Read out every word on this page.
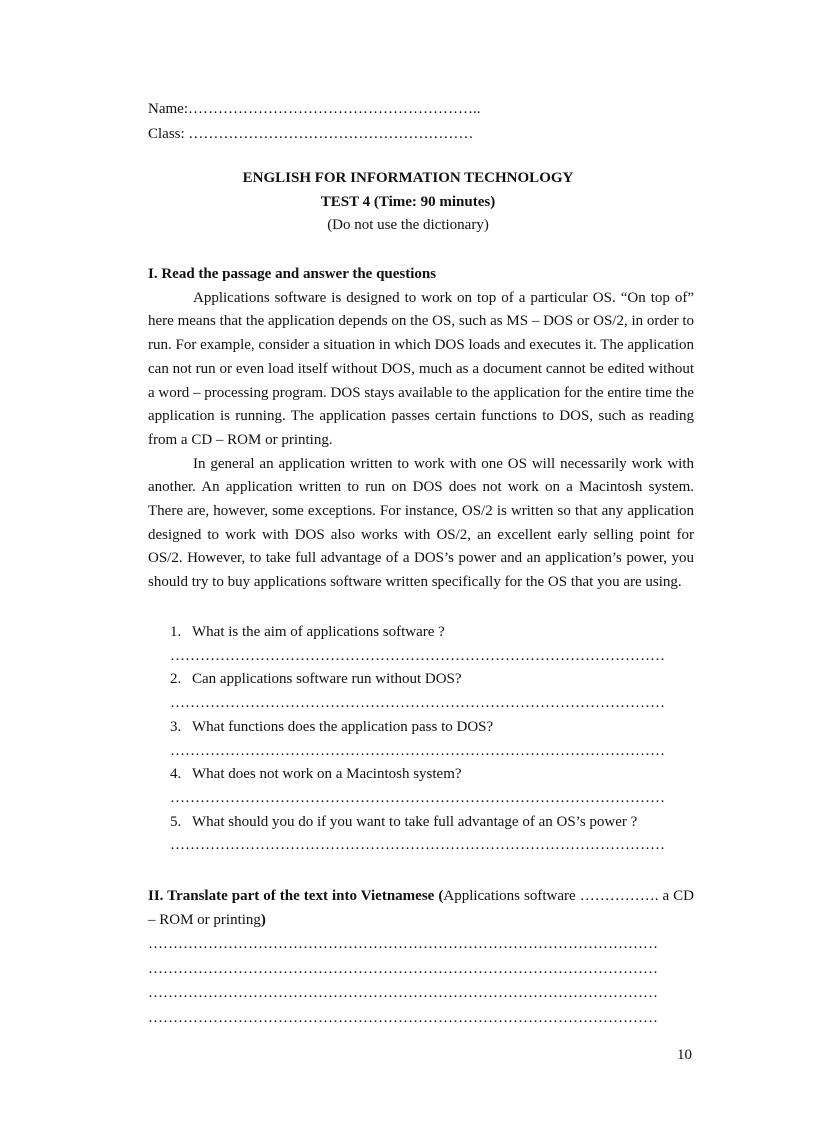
Name:…………………………………………………..
Class: …………………………………………………
ENGLISH FOR INFORMATION TECHNOLOGY
TEST 4 (Time: 90 minutes)
(Do not use the dictionary)
I. Read the passage and answer the questions

Applications software is designed to work on top of a particular OS. “On top of” here means that the application depends on the OS, such as MS – DOS or OS/2, in order to run. For example, consider a situation in which DOS loads and executes it. The application can not run or even load itself without DOS, much as a document cannot be edited without a word – processing program. DOS stays available to the application for the entire time the application is running. The application passes certain functions to DOS, such as reading from a CD – ROM or printing.

In general an application written to work with one OS will necessarily work with another. An application written to run on DOS does not work on a Macintosh system. There are, however, some exceptions. For instance, OS/2 is written so that any application designed to work with DOS also works with OS/2, an excellent early selling point for OS/2. However, to take full advantage of a DOS’s power and an application’s power, you should try to buy applications software written specifically for the OS that you are using.

1. What is the aim of applications software ?
………………………………………………………………………………………
2. Can applications software run without DOS?
………………………………………………………………………………………
3. What functions does the application pass to DOS?
………………………………………………………………………………………
4. What does not work on a Macintosh system?
………………………………………………………………………………………
5. What should you do if you want to take full advantage of an OS’s power ?
………………………………………………………………………………………
II. Translate part of the text into Vietnamese (Applications software ……………. a CD – ROM or printing)
…………………………………………………………………………………………
…………………………………………………………………………………………
…………………………………………………………………………………………
…………………………………………………………………………………………
10
